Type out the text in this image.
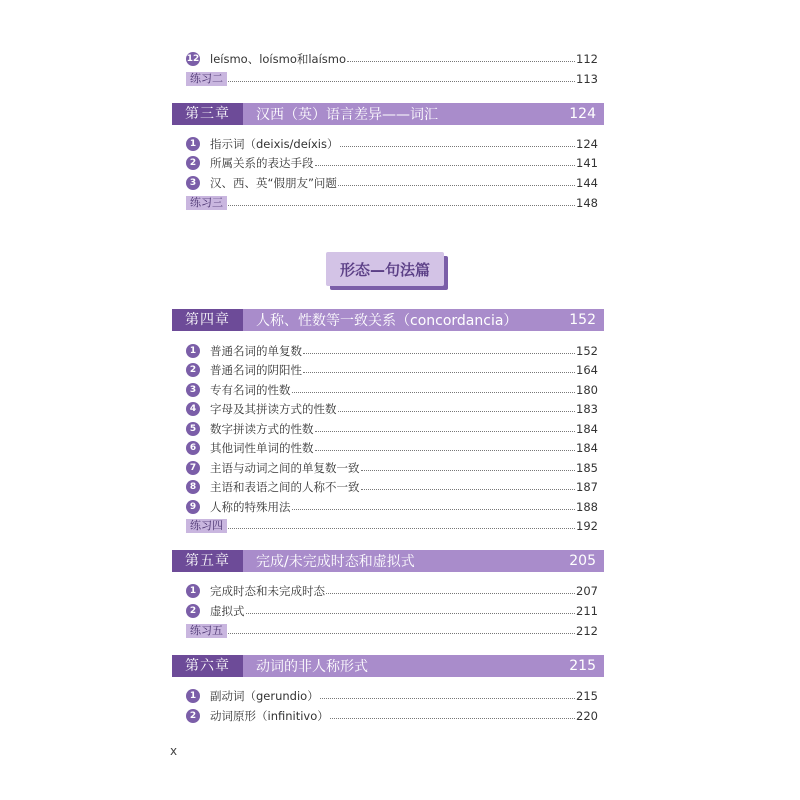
12 leísmo、loísmo和laísmo	112
练习二	113
第三章	汉西（英）语言差异——词汇	124
1	指示词（deixis/deíxis）	124
2	所属关系的表达手段	141
3	汉、西、英“假朋友”问题	144
练习三	148
形态—句法篇
第四章	人称、性数等一致关系（concordancia）	152
1	普通名词的单复数	152
2	普通名词的阴阳性	164
3	专有名词的性数	180
4	字母及其拼读方式的性数	183
5	数字拼读方式的性数	184
6	其他词性单词的性数	184
7	主语与动词之间的单复数一致	185
8	主语和表语之间的人称不一致	187
9	人称的特殊用法	188
练习四	192
第五章	完成/未完成时态和虚拟式	205
1	完成时态和未完成时态	207
2	虚拟式	211
练习五	212
第六章	动词的非人称形式	215
1	副动词（gerundio）	215
2	动词原形（infinitivo）	220
x
